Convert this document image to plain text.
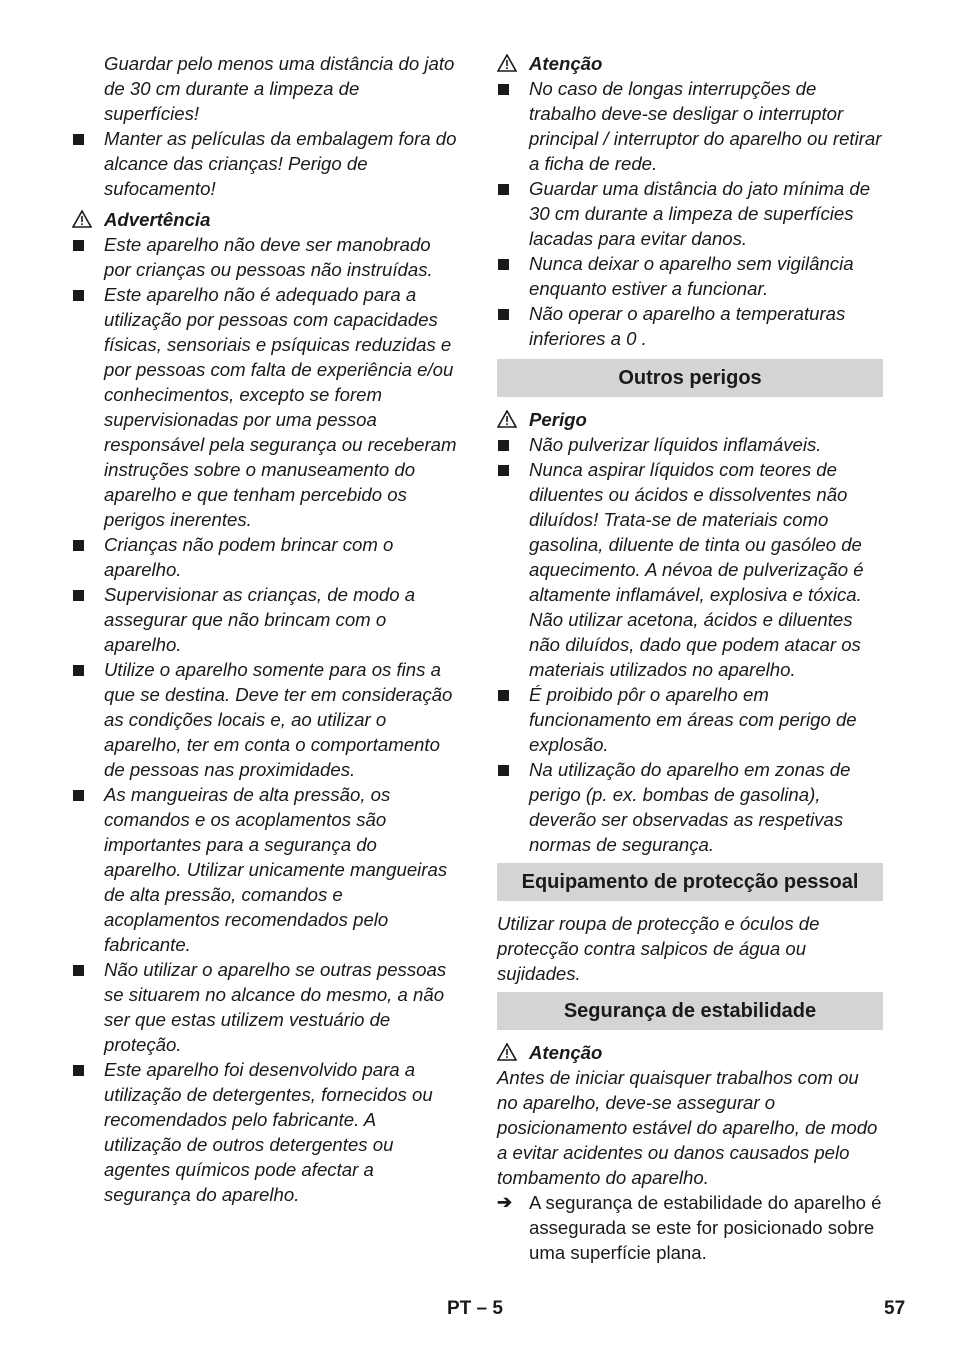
Guardar pelo menos uma distância do jato de 30 cm durante a limpeza de superfícies!

Manter as películas da embalagem fora do alcance das crianças! Perigo de sufocamento!
Advertência
Este aparelho não deve ser manobrado por crianças ou pessoas não instruídas.
Este aparelho não é adequado para a utilização por pessoas com capacidades físicas, sensoriais e psíquicas reduzidas e por pessoas com falta de experiência e/ou conhecimentos, excepto se forem supervisionadas por uma pessoa responsável pela segurança ou receberam instruções sobre o manuseamento do aparelho e que tenham percebido os perigos inerentes.
Crianças não podem brincar com o aparelho.
Supervisionar as crianças, de modo a assegurar que não brincam com o aparelho.
Utilize o aparelho somente para os fins a que se destina. Deve ter em consideração as condições locais e, ao utilizar o aparelho, ter em conta o comportamento de pessoas nas proximidades.
As mangueiras de alta pressão, os comandos e os acoplamentos são importantes para a segurança do aparelho. Utilizar unicamente mangueiras de alta pressão, comandos e acoplamentos recomendados pelo fabricante.
Não utilizar o aparelho se outras pessoas se situarem no alcance do mesmo, a não ser que estas utilizem vestuário de proteção.
Este aparelho foi desenvolvido para a utilização de detergentes, fornecidos ou recomendados pelo fabricante. A utilização de outros detergentes ou agentes químicos pode afectar a segurança do aparelho.
Atenção
No caso de longas interrupções de trabalho deve-se desligar o interruptor principal / interruptor do aparelho ou retirar a ficha de rede.
Guardar uma distância do jato mínima de 30 cm durante a limpeza de superfícies lacadas para evitar danos.
Nunca deixar o aparelho sem vigilância enquanto estiver a funcionar.
Não operar o aparelho a temperaturas inferiores a 0 .
Outros perigos
Perigo
Não pulverizar líquidos inflamáveis.
Nunca aspirar líquidos com teores de diluentes ou ácidos e dissolventes não diluídos! Trata-se de materiais como gasolina, diluente de tinta ou gasóleo de aquecimento. A névoa de pulverização é altamente inflamável, explosiva e tóxica. Não utilizar acetona, ácidos e diluentes não diluídos, dado que podem atacar os materiais utilizados no aparelho.
É proibido pôr o aparelho em funcionamento em áreas com perigo de explosão.
Na utilização do aparelho em zonas de perigo (p. ex. bombas de gasolina), deverão ser observadas as respetivas normas de segurança.
Equipamento de protecção pessoal

Utilizar roupa de protecção e óculos de protecção contra salpicos de água ou sujidades.

Segurança de estabilidade
Atenção

Antes de iniciar quaisquer trabalhos com ou no aparelho, deve-se assegurar o posicionamento estável do aparelho, de modo a evitar acidentes ou danos causados pelo tombamento do aparelho.

➔ A segurança de estabilidade do aparelho é assegurada se este for posicionado sobre uma superfície plana.
PT – 5	57
